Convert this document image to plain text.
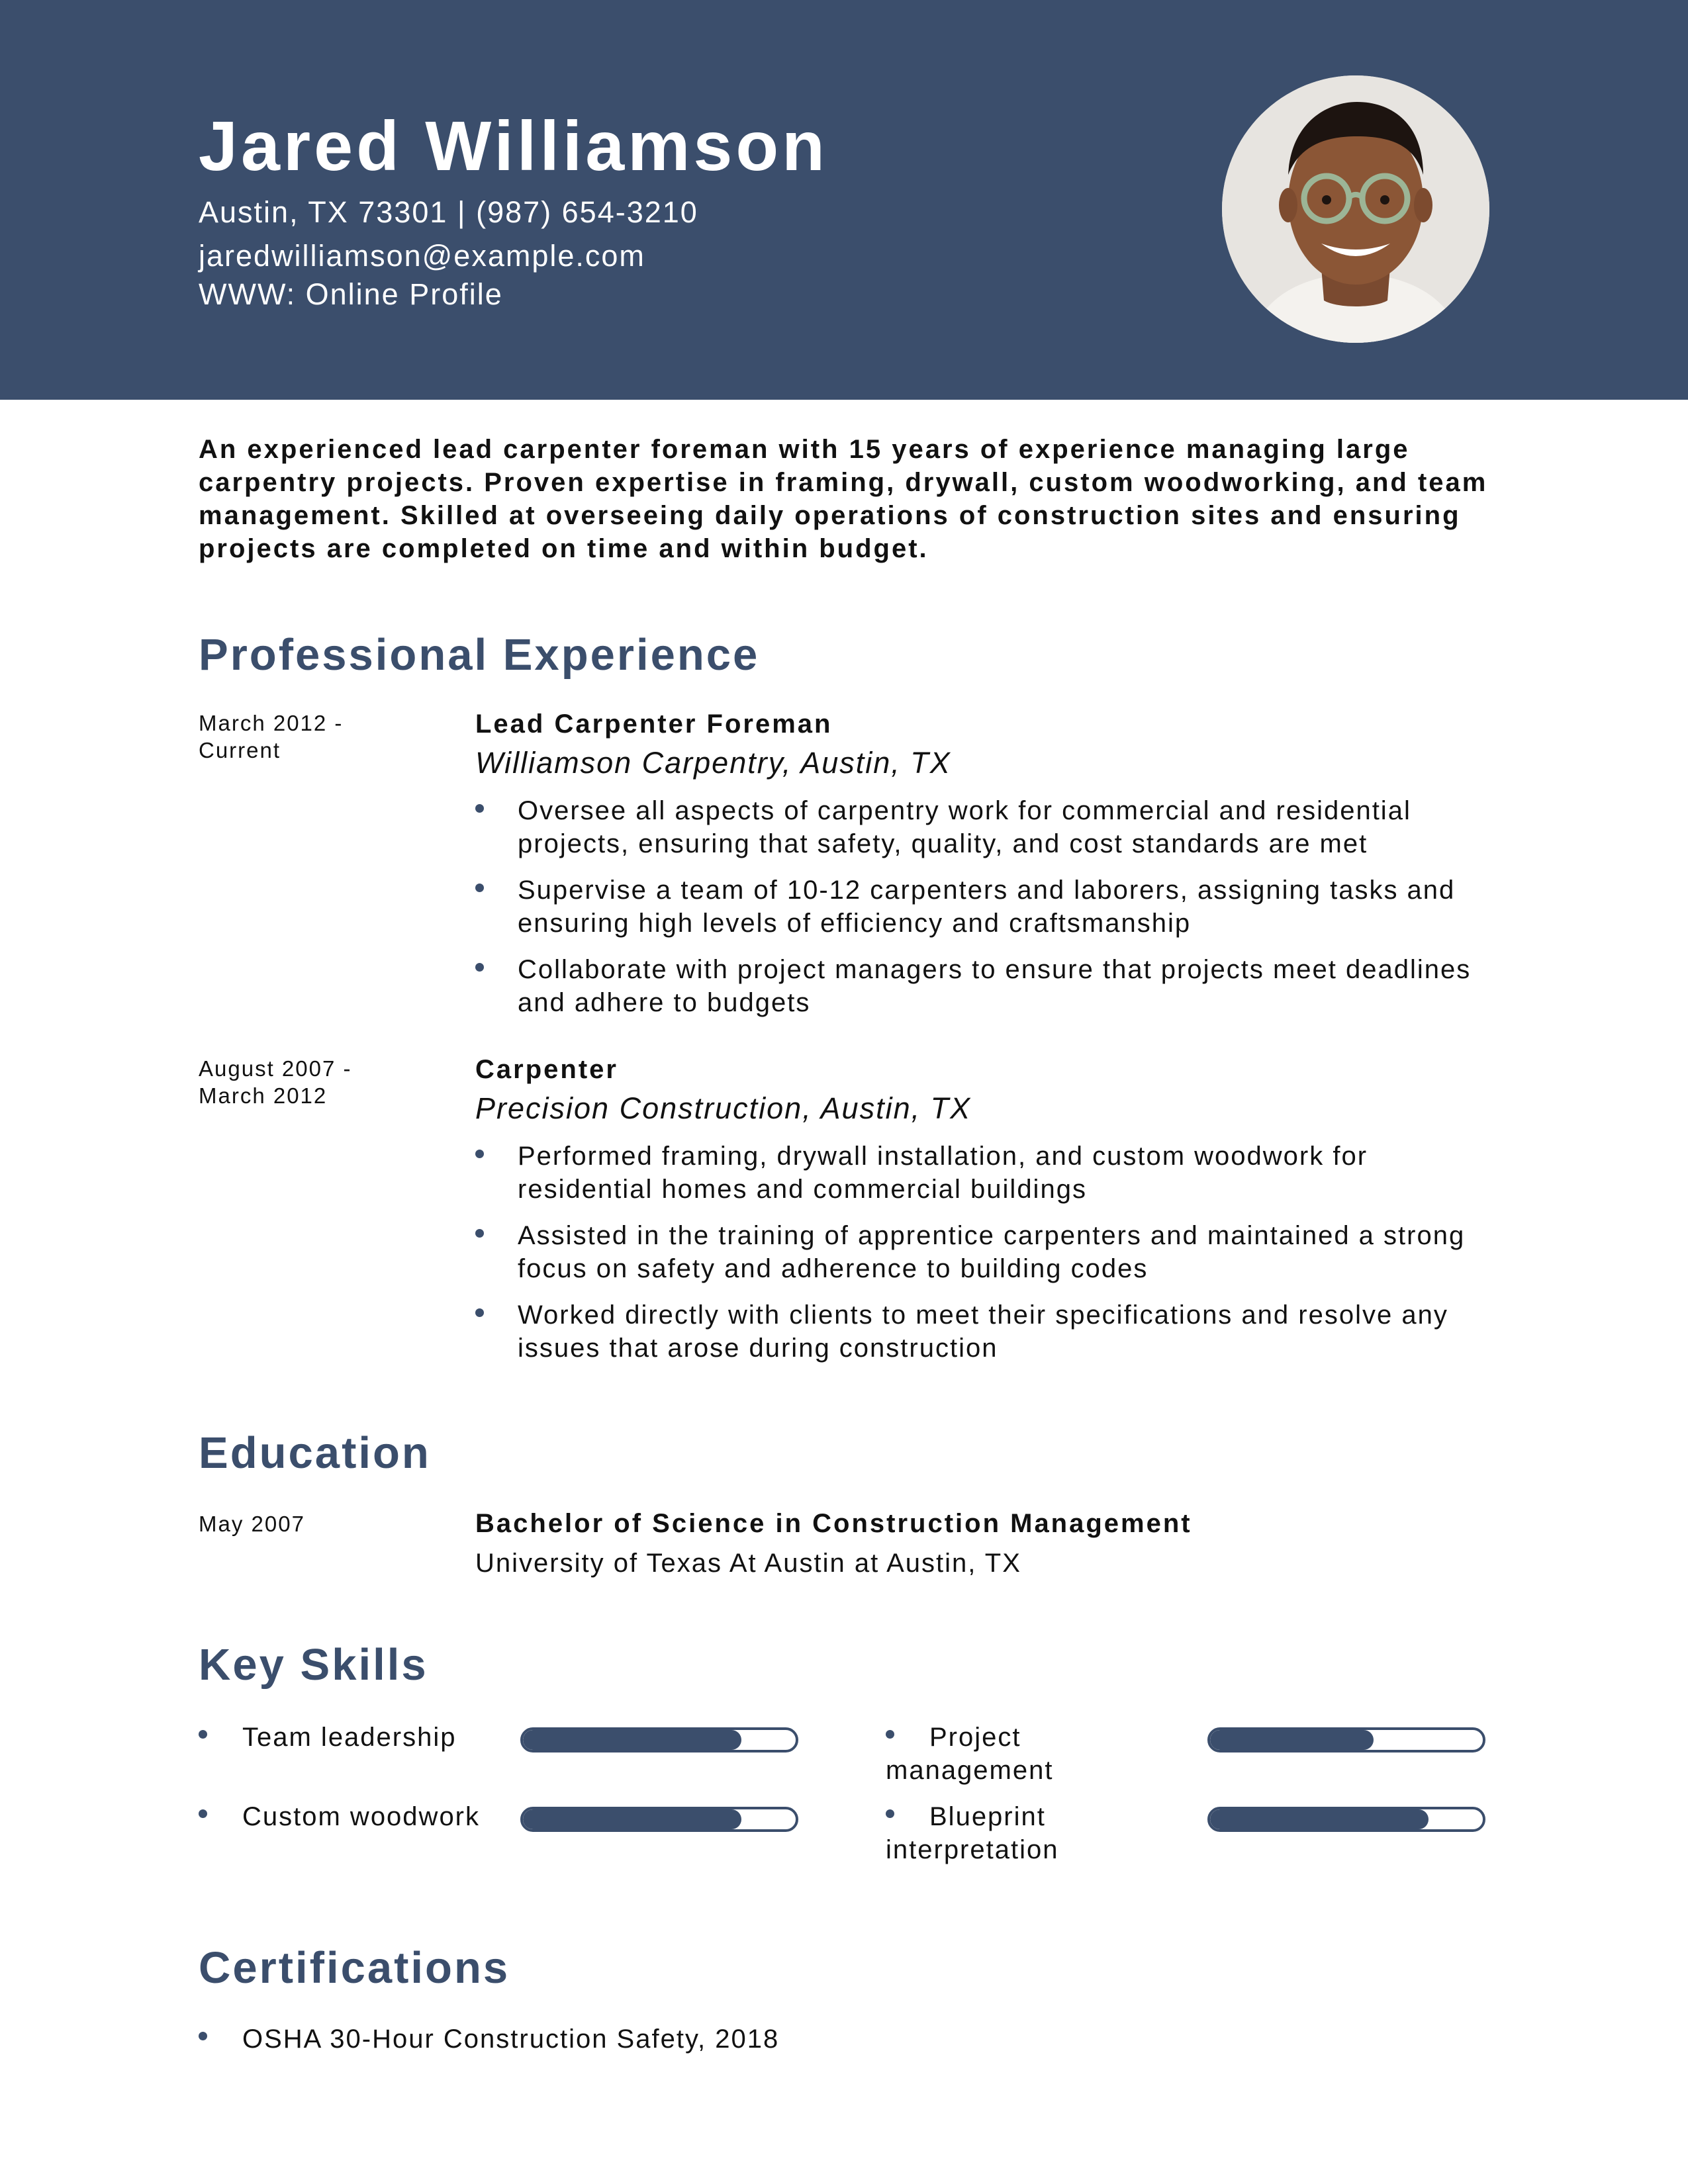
Jared Williamson
Austin, TX 73301 | (987) 654-3210
jaredwilliamson@example.com
WWW: Online Profile
An experienced lead carpenter foreman with 15 years of experience managing large carpentry projects. Proven expertise in framing, drywall, custom woodworking, and team management. Skilled at overseeing daily operations of construction sites and ensuring projects are completed on time and within budget.
Professional Experience
March 2012 - Current
Lead Carpenter Foreman
Williamson Carpentry, Austin, TX
Oversee all aspects of carpentry work for commercial and residential projects, ensuring that safety, quality, and cost standards are met
Supervise a team of 10-12 carpenters and laborers, assigning tasks and ensuring high levels of efficiency and craftsmanship
Collaborate with project managers to ensure that projects meet deadlines and adhere to budgets
August 2007 - March 2012
Carpenter
Precision Construction, Austin, TX
Performed framing, drywall installation, and custom woodwork for residential homes and commercial buildings
Assisted in the training of apprentice carpenters and maintained a strong focus on safety and adherence to building codes
Worked directly with clients to meet their specifications and resolve any issues that arose during construction
Education
May 2007	Bachelor of Science in Construction Management
University of Texas At Austin at Austin, TX
Key Skills
Team leadership	Project management
Custom woodwork	Blueprint interpretation
Certifications
OSHA 30-Hour Construction Safety, 2018
